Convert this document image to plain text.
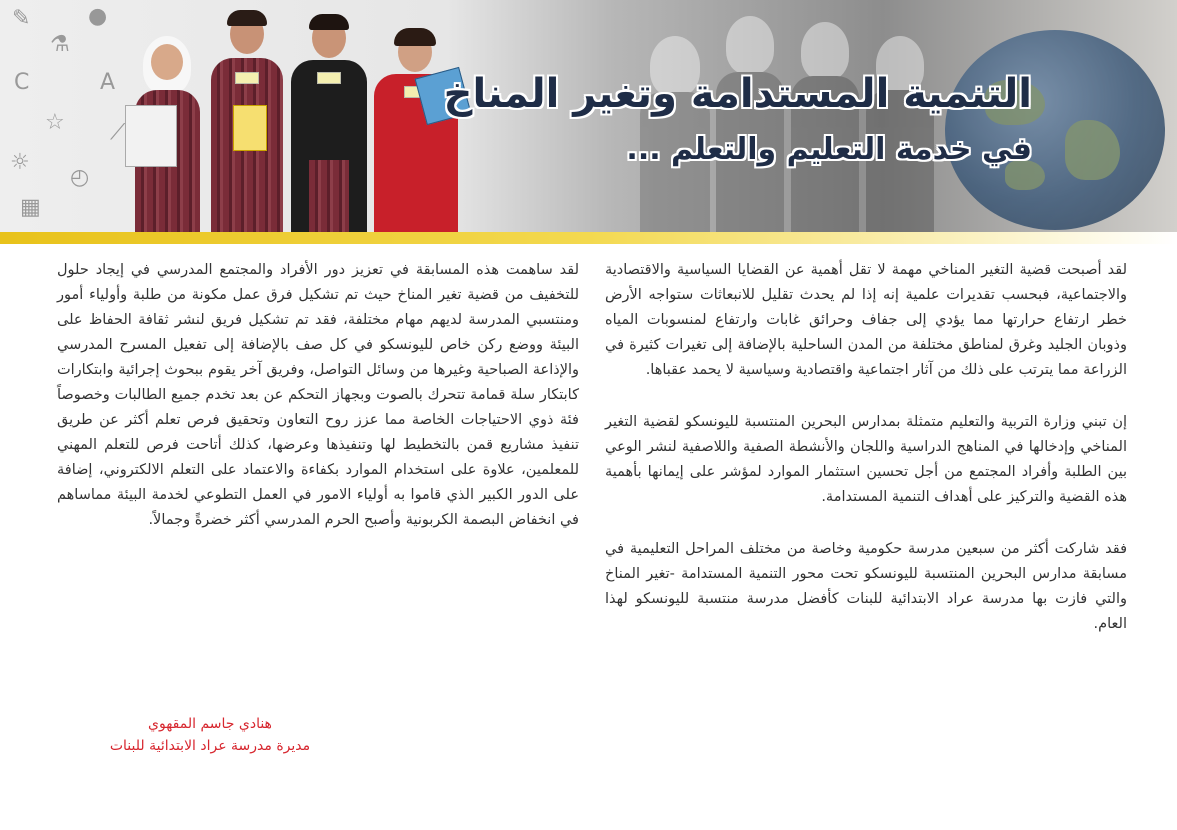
✎	●
⚗
C	A
☆ ⟋
☼
◴
▦
التنمية المستدامة وتغير المناخ
في خدمة التعليم والتعلم ...

لقد أصبحت قضية التغير المناخي مهمة لا تقل أهمية عن القضايا السياسية والاقتصادية والاجتماعية، فبحسب تقديرات علمية إنه إذا لم يحدث تقليل للانبعاثات ستواجه الأرض خطر ارتفاع حرارتها مما يؤدي إلى جفاف وحرائق غابات وارتفاع لمنسوبات المياه وذوبان الجليد وغرق لمناطق مختلفة من المدن الساحلية بالإضافة إلى تغيرات كثيرة في الزراعة مما يترتب على ذلك من آثار اجتماعية واقتصادية وسياسية لا يحمد عقباها.

إن تبني وزارة التربية والتعليم متمثلة بمدارس البحرين المنتسبة لليونسكو لقضية التغير المناخي وإدخالها في المناهج الدراسية واللجان والأنشطة الصفية واللاصفية لنشر الوعي بين الطلبة وأفراد المجتمع من أجل تحسين استثمار الموارد لمؤشر على إيمانها بأهمية هذه القضية والتركيز على أهداف التنمية المستدامة.

فقد شاركت أكثر من سبعين مدرسة حكومية وخاصة من مختلف المراحل التعليمية في مسابقة مدارس البحرين المنتسبة لليونسكو تحت محور التنمية المستدامة -تغير المناخ والتي فازت بها مدرسة عراد الابتدائية للبنات كأفضل مدرسة منتسبة لليونسكو لهذا العام.

لقد ساهمت هذه المسابقة في تعزيز دور الأفراد والمجتمع المدرسي في إيجاد حلول للتخفيف من قضية تغير المناخ حيث تم تشكيل فرق عمل مكونة من طلبة وأولياء أمور ومنتسبي المدرسة لديهم مهام مختلفة، فقد تم تشكيل فريق لنشر ثقافة الحفاظ على البيئة ووضع ركن خاص لليونسكو في كل صف بالإضافة إلى تفعيل المسرح المدرسي والإذاعة الصباحية وغيرها من وسائل التواصل، وفريق آخر يقوم ببحوث إجرائية وابتكارات كابتكار سلة قمامة تتحرك بالصوت وبجهاز التحكم عن بعد تخدم جميع الطالبات وخصوصاً فئة ذوي الاحتياجات الخاصة مما عزز روح التعاون وتحقيق فرص تعلم أكثر عن طريق تنفيذ مشاريع قمن بالتخطيط لها وتنفيذها وعرضها، كذلك أتاحت فرص للتعلم المهني للمعلمين، علاوة على استخدام الموارد بكفاءة والاعتماد على التعلم الالكتروني، إضافة على الدور الكبير الذي قاموا به أولياء الامور في العمل التطوعي لخدمة البيئة مماساهم في انخفاض البصمة الكربونية وأصبح الحرم المدرسي أكثر خضرةً وجمالاً.

هنادي جاسم المقهوي
مديرة مدرسة عراد الابتدائية للبنات
